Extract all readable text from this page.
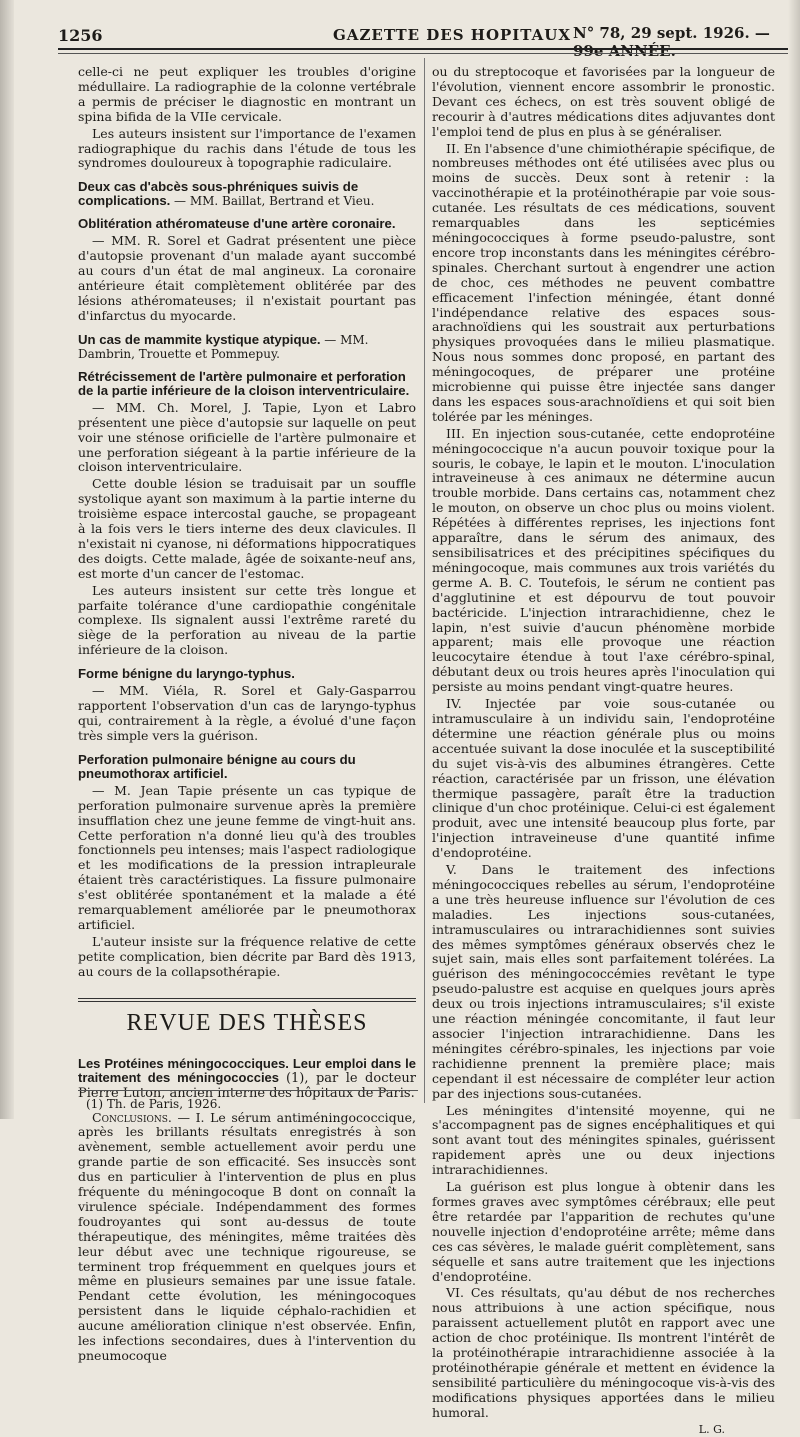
1256	GAZETTE DES HOPITAUX N° 78, 29 sept. 1926. — 99e ANNÉE.

celle-ci ne peut expliquer les troubles d'origine médullaire. La radiographie de la colonne vertébrale a permis de préciser le diagnostic en montrant un spina bifida de la VIIe cervicale.

Les auteurs insistent sur l'importance de l'examen radiographique du rachis dans l'étude de tous les syndromes douloureux à topographie radiculaire.

Deux cas d'abcès sous-phréniques suivis de complications. — MM. Baillat, Bertrand et Vieu.
Oblitération athéromateuse d'une artère coronaire.

— MM. R. Sorel et Gadrat présentent une pièce d'autopsie provenant d'un malade ayant succombé au cours d'un état de mal angineux. La coronaire antérieure était complètement oblitérée par des lésions athéromateuses; il n'existait pourtant pas d'infarctus du myocarde.

Un cas de mammite kystique atypique. — MM. Dambrin, Trouette et Pommepuy.
Rétrécissement de l'artère pulmonaire et perforation de la partie inférieure de la cloison interventriculaire.

— MM. Ch. Morel, J. Tapie, Lyon et Labro présentent une pièce d'autopsie sur laquelle on peut voir une sténose orificielle de l'artère pulmonaire et une perforation siégeant à la partie inférieure de la cloison interventriculaire.

Cette double lésion se traduisait par un souffle systolique ayant son maximum à la partie interne du troisième espace intercostal gauche, se propageant à la fois vers le tiers interne des deux clavicules. Il n'existait ni cyanose, ni déformations hippocratiques des doigts. Cette malade, âgée de soixante-neuf ans, est morte d'un cancer de l'estomac.

Les auteurs insistent sur cette très longue et parfaite tolérance d'une cardiopathie congénitale complexe. Ils signalent aussi l'extrême rareté du siège de la perforation au niveau de la partie inférieure de la cloison.

Forme bénigne du laryngo-typhus.

— MM. Viéla, R. Sorel et Galy-Gasparrou rapportent l'observation d'un cas de laryngo-typhus qui, contrairement à la règle, a évolué d'une façon très simple vers la guérison.

Perforation pulmonaire bénigne au cours du pneumothorax artificiel.

— M. Jean Tapie présente un cas typique de perforation pulmonaire survenue après la première insufflation chez une jeune femme de vingt-huit ans. Cette perforation n'a donné lieu qu'à des troubles fonctionnels peu intenses; mais l'aspect radiologique et les modifications de la pression intrapleurale étaient très caractéristiques. La fissure pulmonaire s'est oblitérée spontanément et la malade a été remarquablement améliorée par le pneumothorax artificiel.

L'auteur insiste sur la fréquence relative de cette petite complication, bien décrite par Bard dès 1913, au cours de la collapsothérapie.

REVUE DES THÈSES
Les Protéines méningococciques. Leur emploi dans le traitement des méningococcies (1), par le docteur Pierre Luton, ancien interne des hôpitaux de Paris.

Conclusions. — I. Le sérum antiméningococcique, après les brillants résultats enregistrés à son avènement, semble actuellement avoir perdu une grande partie de son efficacité. Ses insuccès sont dus en particulier à l'intervention de plus en plus fréquente du méningocoque B dont on connaît la virulence spéciale. Indépendamment des formes foudroyantes qui sont au-dessus de toute thérapeutique, des méningites, même traitées dès leur début avec une technique rigoureuse, se terminent trop fréquemment en quelques jours et même en plusieurs semaines par une issue fatale. Pendant cette évolution, les méningocoques persistent dans le liquide céphalo-rachidien et aucune amélioration clinique n'est observée. Enfin, les infections secondaires, dues à l'intervention du pneumocoque

(1) Th. de Paris, 1926.

ou du streptocoque et favorisées par la longueur de l'évolution, viennent encore assombrir le pronostic. Devant ces échecs, on est très souvent obligé de recourir à d'autres médications dites adjuvantes dont l'emploi tend de plus en plus à se généraliser.

II. En l'absence d'une chimiothérapie spécifique, de nombreuses méthodes ont été utilisées avec plus ou moins de succès. Deux sont à retenir : la vaccinothérapie et la protéinothérapie par voie sous-cutanée. Les résultats de ces médications, souvent remarquables dans les septicémies méningococciques à forme pseudo-palustre, sont encore trop inconstants dans les méningites cérébro-spinales. Cherchant surtout à engendrer une action de choc, ces méthodes ne peuvent combattre efficacement l'infection méningée, étant donné l'indépendance relative des espaces sous-arachnoïdiens qui les soustrait aux perturbations physiques provoquées dans le milieu plasmatique. Nous nous sommes donc proposé, en partant des méningocoques, de préparer une protéine microbienne qui puisse être injectée sans danger dans les espaces sous-arachnoïdiens et qui soit bien tolérée par les méninges.

III. En injection sous-cutanée, cette endoprotéine méningococcique n'a aucun pouvoir toxique pour la souris, le cobaye, le lapin et le mouton. L'inoculation intraveineuse à ces animaux ne détermine aucun trouble morbide. Dans certains cas, notamment chez le mouton, on observe un choc plus ou moins violent. Répétées à différentes reprises, les injections font apparaître, dans le sérum des animaux, des sensibilisatrices et des précipitines spécifiques du méningocoque, mais communes aux trois variétés du germe A. B. C. Toutefois, le sérum ne contient pas d'agglutinine et est dépourvu de tout pouvoir bactéricide. L'injection intrarachidienne, chez le lapin, n'est suivie d'aucun phénomène morbide apparent; mais elle provoque une réaction leucocytaire étendue à tout l'axe cérébro-spinal, débutant deux ou trois heures après l'inoculation qui persiste au moins pendant vingt-quatre heures.

IV. Injectée par voie sous-cutanée ou intramusculaire à un individu sain, l'endoprotéine détermine une réaction générale plus ou moins accentuée suivant la dose inoculée et la susceptibilité du sujet vis-à-vis des albumines étrangères. Cette réaction, caractérisée par un frisson, une élévation thermique passagère, paraît être la traduction clinique d'un choc protéinique. Celui-ci est également produit, avec une intensité beaucoup plus forte, par l'injection intraveineuse d'une quantité infime d'endoprotéine.

V. Dans le traitement des infections méningococciques rebelles au sérum, l'endoprotéine a une très heureuse influence sur l'évolution de ces maladies. Les injections sous-cutanées, intramusculaires ou intrarachidiennes sont suivies des mêmes symptômes généraux observés chez le sujet sain, mais elles sont parfaitement tolérées. La guérison des méningococcémies revêtant le type pseudo-palustre est acquise en quelques jours après deux ou trois injections intramusculaires; s'il existe une réaction méningée concomitante, il faut leur associer l'injection intrarachidienne. Dans les méningites cérébro-spinales, les injections par voie rachidienne prennent la première place; mais cependant il est nécessaire de compléter leur action par des injections sous-cutanées.

Les méningites d'intensité moyenne, qui ne s'accompagnent pas de signes encéphalitiques et qui sont avant tout des méningites spinales, guérissent rapidement après une ou deux injections intrarachidiennes.

La guérison est plus longue à obtenir dans les formes graves avec symptômes cérébraux; elle peut être retardée par l'apparition de rechutes qu'une nouvelle injection d'endoprotéine arrête; même dans ces cas sévères, le malade guérit complètement, sans séquelle et sans autre traitement que les injections d'endoprotéine.

VI. Ces résultats, qu'au début de nos recherches nous attribuions à une action spécifique, nous paraissent actuellement plutôt en rapport avec une action de choc protéinique. Ils montrent l'intérêt de la protéinothérapie intrarachidienne associée à la protéinothérapie générale et mettent en évidence la sensibilité particulière du méningocoque vis-à-vis des modifications physiques apportées dans le milieu humoral.

L. G.
